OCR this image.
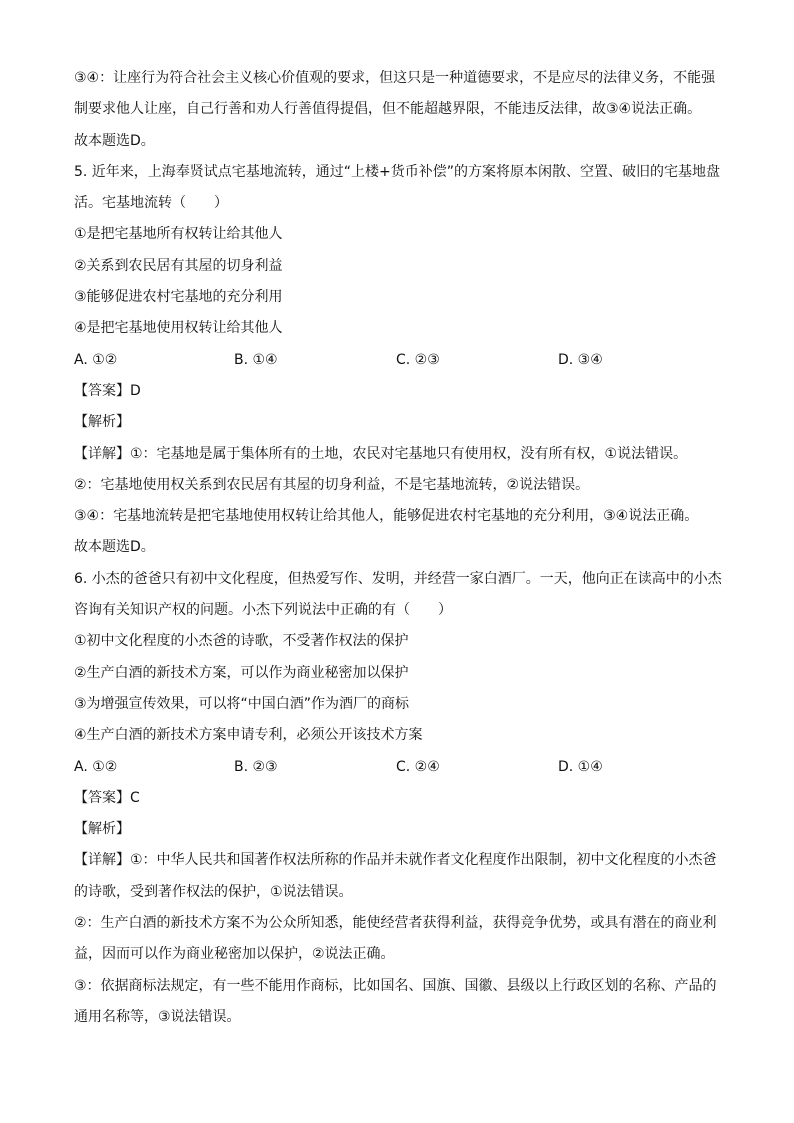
③④：让座行为符合社会主义核心价值观的要求，但这只是一种道德要求，不是应尽的法律义务，不能强
制要求他人让座，自己行善和劝人行善值得提倡，但不能超越界限，不能违反法律，故③④说法正确。
故本题选D。
5. 近年来，上海奉贤试点宅基地流转，通过“上楼+货币补偿”的方案将原本闲散、空置、破旧的宅基地盘
活。宅基地流转（　　）
①是把宅基地所有权转让给其他人
②关系到农民居有其屋的切身利益
③能够促进农村宅基地的充分利用
④是把宅基地使用权转让给其他人
A. ①②	B. ①④	C. ②③	D. ③④
【答案】D
【解析】
【详解】①：宅基地是属于集体所有的土地，农民对宅基地只有使用权，没有所有权，①说法错误。
②：宅基地使用权关系到农民居有其屋的切身利益，不是宅基地流转，②说法错误。
③④：宅基地流转是把宅基地使用权转让给其他人，能够促进农村宅基地的充分利用，③④说法正确。
故本题选D。
6. 小杰的爸爸只有初中文化程度，但热爱写作、发明，并经营一家白酒厂。一天，他向正在读高中的小杰
咨询有关知识产权的问题。小杰下列说法中正确的有（　　）
①初中文化程度的小杰爸的诗歌，不受著作权法的保护
②生产白酒的新技术方案，可以作为商业秘密加以保护
③为增强宣传效果，可以将“中国白酒”作为酒厂的商标
④生产白酒的新技术方案申请专利，必须公开该技术方案
A. ①②	B. ②③	C. ②④	D. ①④
【答案】C
【解析】
【详解】①：中华人民共和国著作权法所称的作品并未就作者文化程度作出限制，初中文化程度的小杰爸
的诗歌，受到著作权法的保护，①说法错误。
②：生产白酒的新技术方案不为公众所知悉，能使经营者获得利益，获得竞争优势，或具有潜在的商业利
益，因而可以作为商业秘密加以保护，②说法正确。
③：依据商标法规定，有一些不能用作商标，比如国名、国旗、国徽、县级以上行政区划的名称、产品的
通用名称等，③说法错误。
